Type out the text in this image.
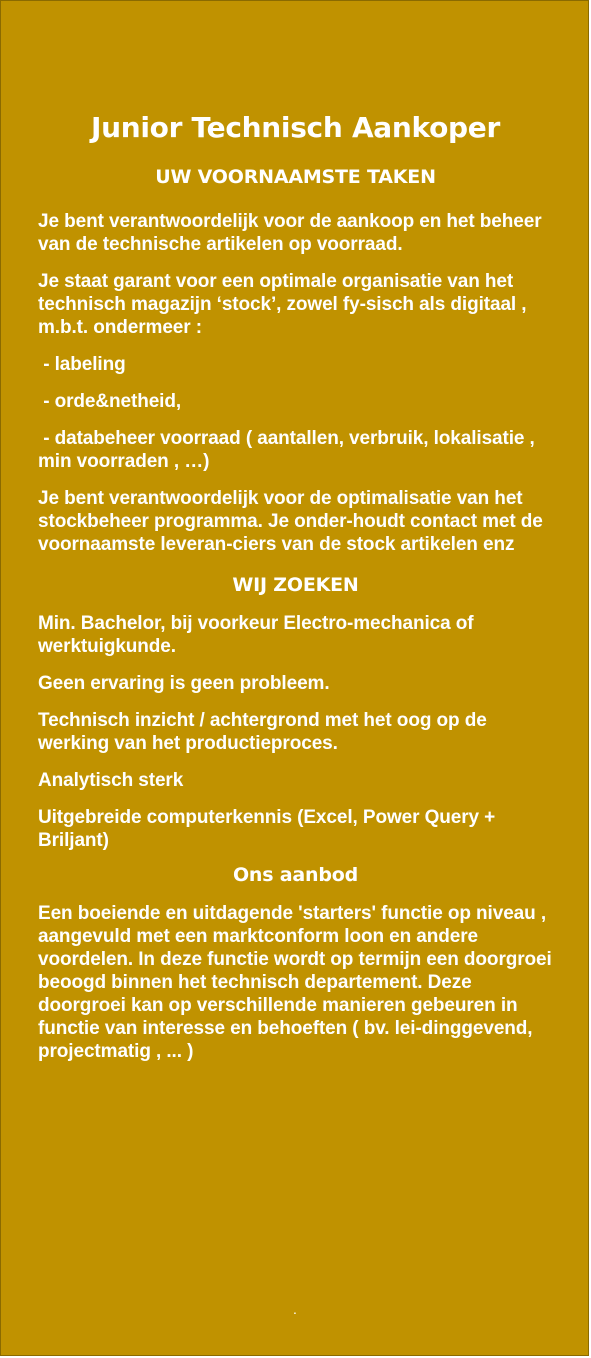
Junior Technisch Aankoper
UW VOORNAAMSTE TAKEN

Je bent verantwoordelijk voor de aankoop en het beheer van de technische artikelen op voorraad.

Je staat garant voor een optimale organisatie van het technisch magazijn ‘stock’, zowel fy-sisch als digitaal , m.b.t. ondermeer :

- labeling

- orde&netheid,

- databeheer voorraad ( aantallen, verbruik, lokalisatie , min voorraden , …)

Je bent verantwoordelijk voor de optimalisatie van het stockbeheer programma. Je onder-houdt contact met de voornaamste leveran-ciers van de stock artikelen enz

WIJ ZOEKEN

Min. Bachelor, bij voorkeur Electro-mechanica of werktuigkunde.

Geen ervaring is geen probleem.

Technisch inzicht / achtergrond met het oog op de werking van het productieproces.

Analytisch sterk

Uitgebreide computerkennis (Excel, Power Query + Briljant)

Ons aanbod

Een boeiende en uitdagende 'starters' functie op niveau , aangevuld met een marktconform loon en andere voordelen. In deze functie wordt op termijn een doorgroei beoogd binnen het technisch departement. Deze doorgroei kan op verschillende manieren gebeuren in functie van interesse en behoeften ( bv. lei-dinggevend, projectmatig , ... )

.
